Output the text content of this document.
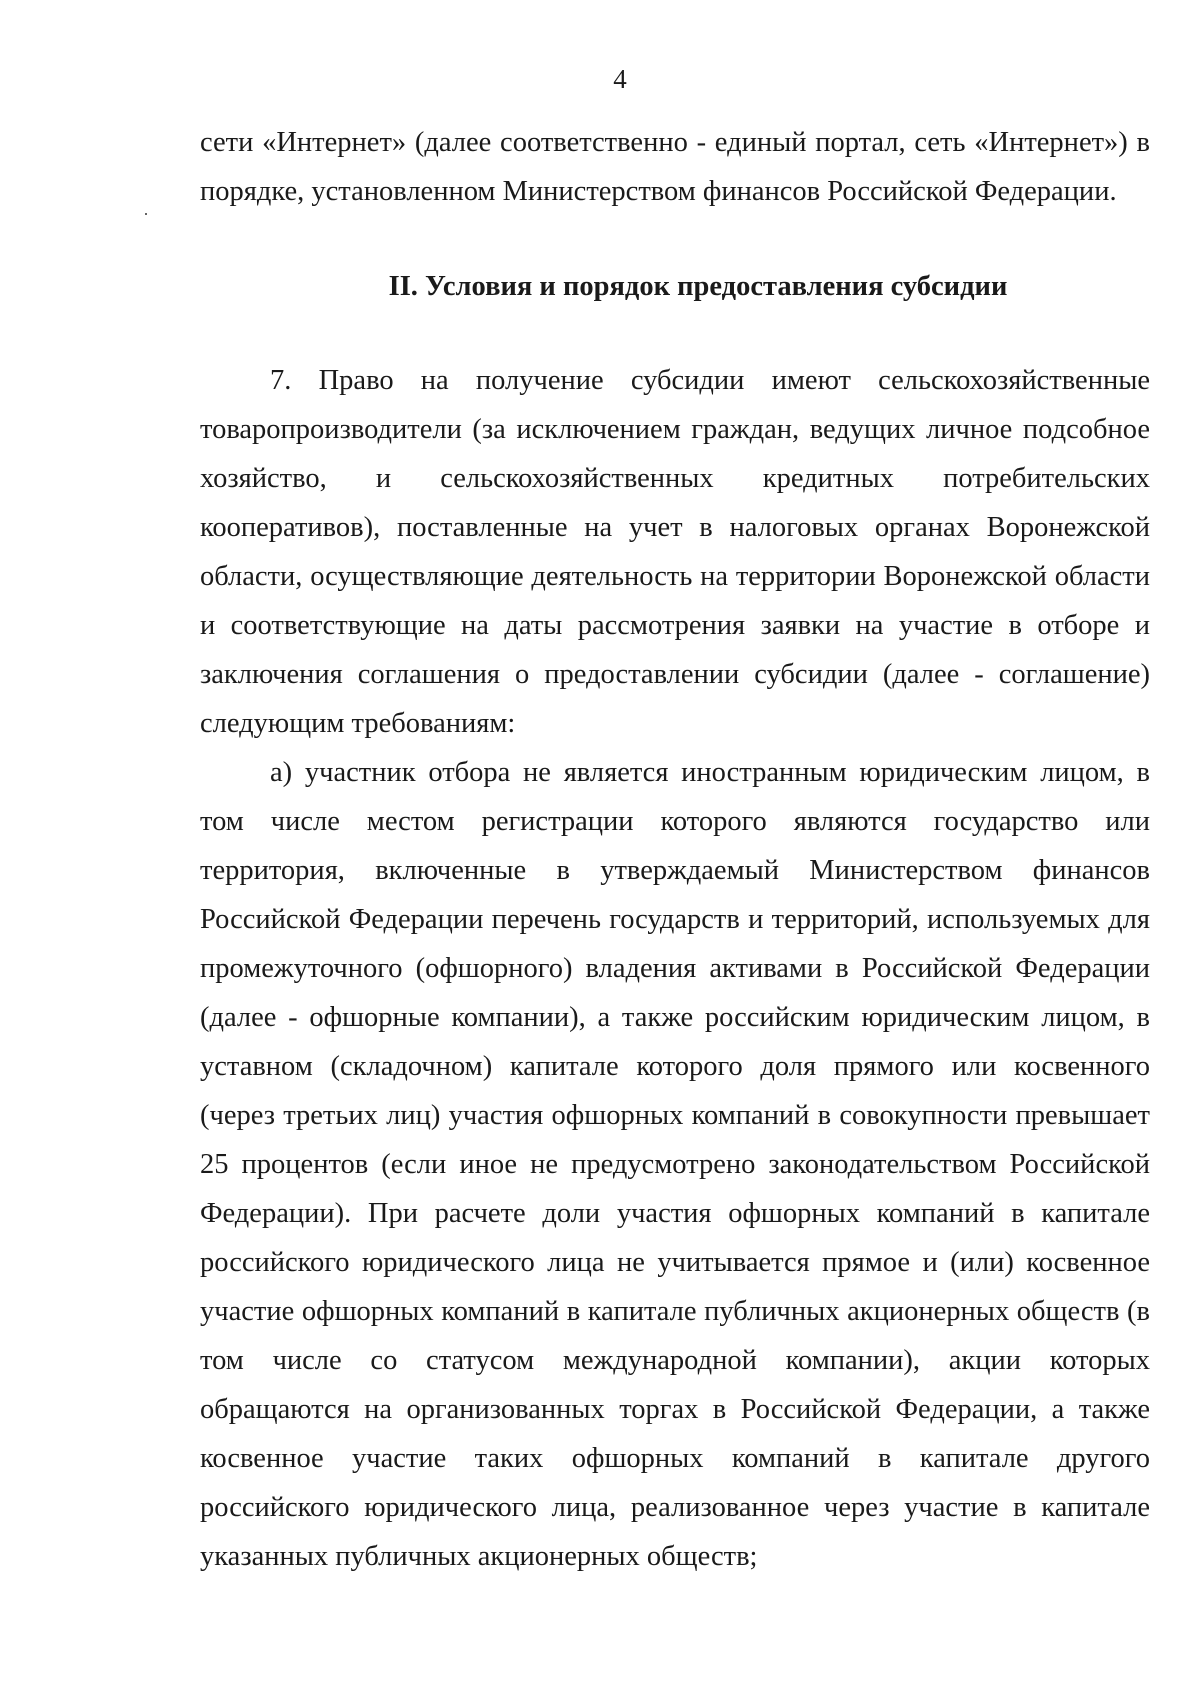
4

сети «Интернет» (далее соответственно - единый портал, сеть «Интернет») в порядке, установленном Министерством финансов Российской Федерации.

II. Условия и порядок предоставления субсидии

7. Право на получение субсидии имеют сельскохозяйственные товаропроизводители (за исключением граждан, ведущих личное подсобное хозяйство, и сельскохозяйственных кредитных потребительских кооперативов), поставленные на учет в налоговых органах Воронежской области, осуществляющие деятельность на территории Воронежской области и соответствующие на даты рассмотрения заявки на участие в отборе и заключения соглашения о предоставлении субсидии (далее - соглашение) следующим требованиям:

а) участник отбора не является иностранным юридическим лицом, в том числе местом регистрации которого являются государство или территория, включенные в утверждаемый Министерством финансов Российской Федерации перечень государств и территорий, используемых для промежуточного (офшорного) владения активами в Российской Федерации (далее - офшорные компании), а также российским юридическим лицом, в уставном (складочном) капитале которого доля прямого или косвенного (через третьих лиц) участия офшорных компаний в совокупности превышает 25 процентов (если иное не предусмотрено законодательством Российской Федерации). При расчете доли участия офшорных компаний в капитале российского юридического лица не учитывается прямое и (или) косвенное участие офшорных компаний в капитале публичных акционерных обществ (в том числе со статусом международной компании), акции которых обращаются на организованных торгах в Российской Федерации, а также косвенное участие таких офшорных компаний в капитале другого российского юридического лица, реализованное через участие в капитале указанных публичных акционерных обществ;
